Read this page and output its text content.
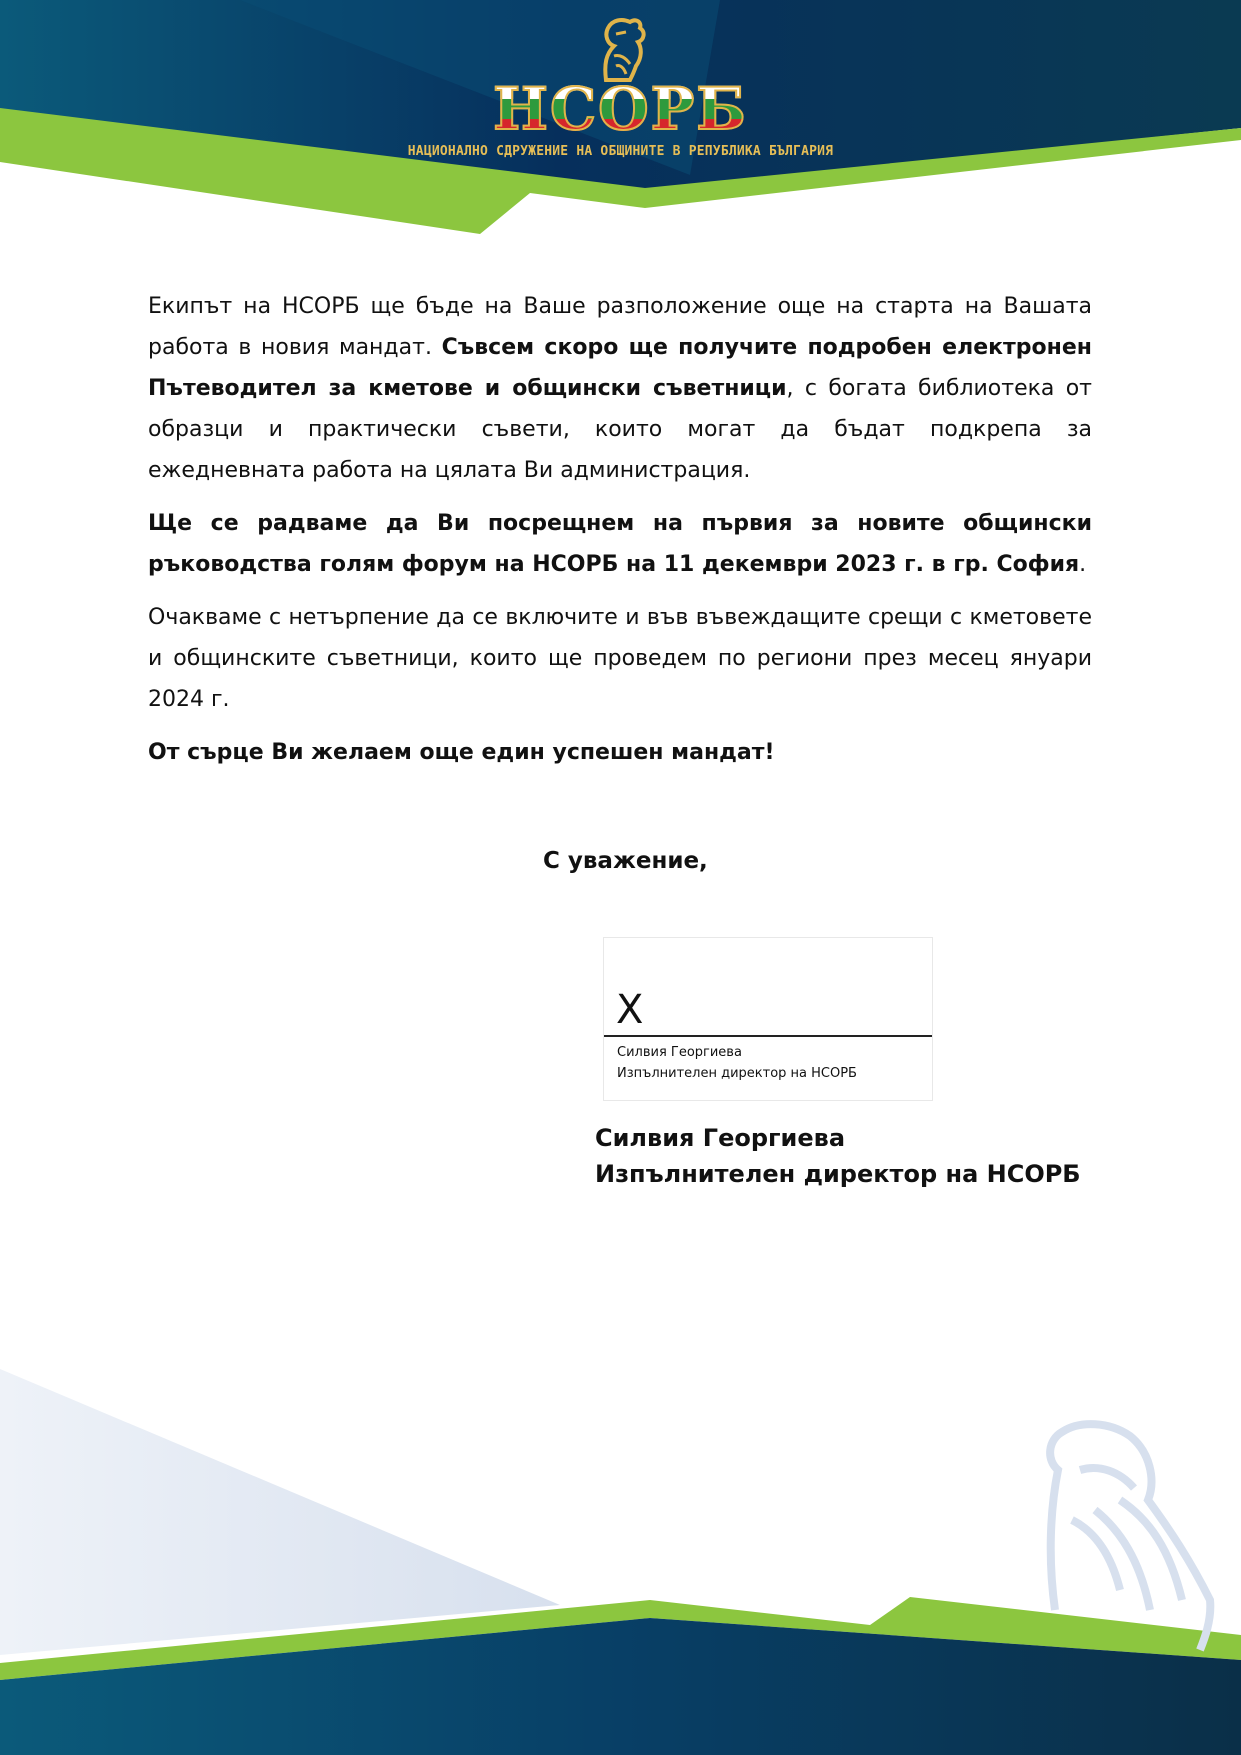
НСОРБ
НАЦИОНАЛНО СДРУЖЕНИЕ НА ОБЩИНИТЕ В РЕПУБЛИКА БЪЛГАРИЯ

Екипът на НСОРБ ще бъде на Ваше разположение още на старта на Вашата работа в новия мандат. Съвсем скоро ще получите подробен електронен Пътеводител за кметове и общински съветници, с богата библиотека от образци и практически съвети, които могат да бъдат подкрепа за ежедневната работа на цялата Ви администрация.

Ще се радваме да Ви посрещнем на първия за новите общински ръководства голям форум на НСОРБ на 11 декември 2023 г. в гр. София.

Очакваме с нетърпение да се включите и във въвеждащите срещи с кметовете и общинските съветници, които ще проведем по региони през месец януари 2024 г.

От сърце Ви желаем още един успешен мандат!

С уважение,
X
Силвия Георгиева
Изпълнителен директор на НСОРБ
Силвия Георгиева
Изпълнителен директор на НСОРБ
